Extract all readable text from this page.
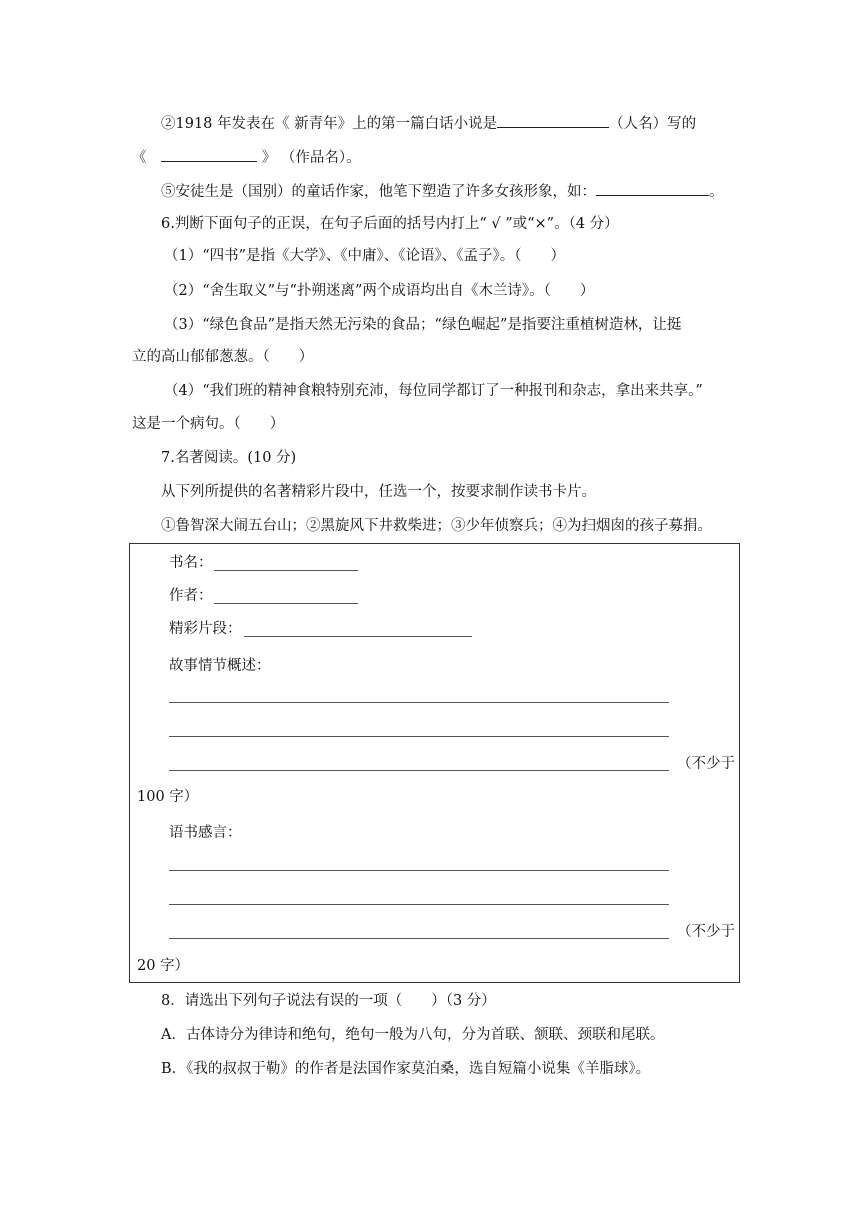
②1918 年发表在《 新青年》上的第一篇白话小说是	（人名）写的
《	》 （作品名）。
⑤安徒生是（国别）的童话作家，他笔下塑造了许多女孩形象，如：	。
6.判断下面句子的正误，在句子后面的括号内打上“ √ ”或“×”。（4 分）
（1）“四书”是指《大学》、《中庸》、《论语》、《孟子》。（　　）
（2）“舍生取义”与“扑朔迷离”两个成语均出自《木兰诗》。（　　）
（3）“绿色食品”是指天然无污染的食品；“绿色崛起”是指要注重植树造林，让挺
立的高山郁郁葱葱。（　　）
（4）“我们班的精神食粮特别充沛，每位同学都订了一种报刊和杂志，拿出来共享。”
这是一个病句。（　　）
7.名著阅读。(10 分)
从下列所提供的名著精彩片段中，任选一个，按要求制作读书卡片。
①鲁智深大闹五台山；②黑旋风下井救柴进；③少年侦察兵；④为扫烟囱的孩子募捐。
书名：
作者：
精彩片段：
故事情节概述：
（不少于
100 字）
语书感言：
（不少于
20 字）
8．请选出下列句子说法有误的一项（　　）（3 分）
A．古体诗分为律诗和绝句，绝句一般为八句，分为首联、颔联、颈联和尾联。
B．《我的叔叔于勒》的作者是法国作家莫泊桑，选自短篇小说集《羊脂球》。
